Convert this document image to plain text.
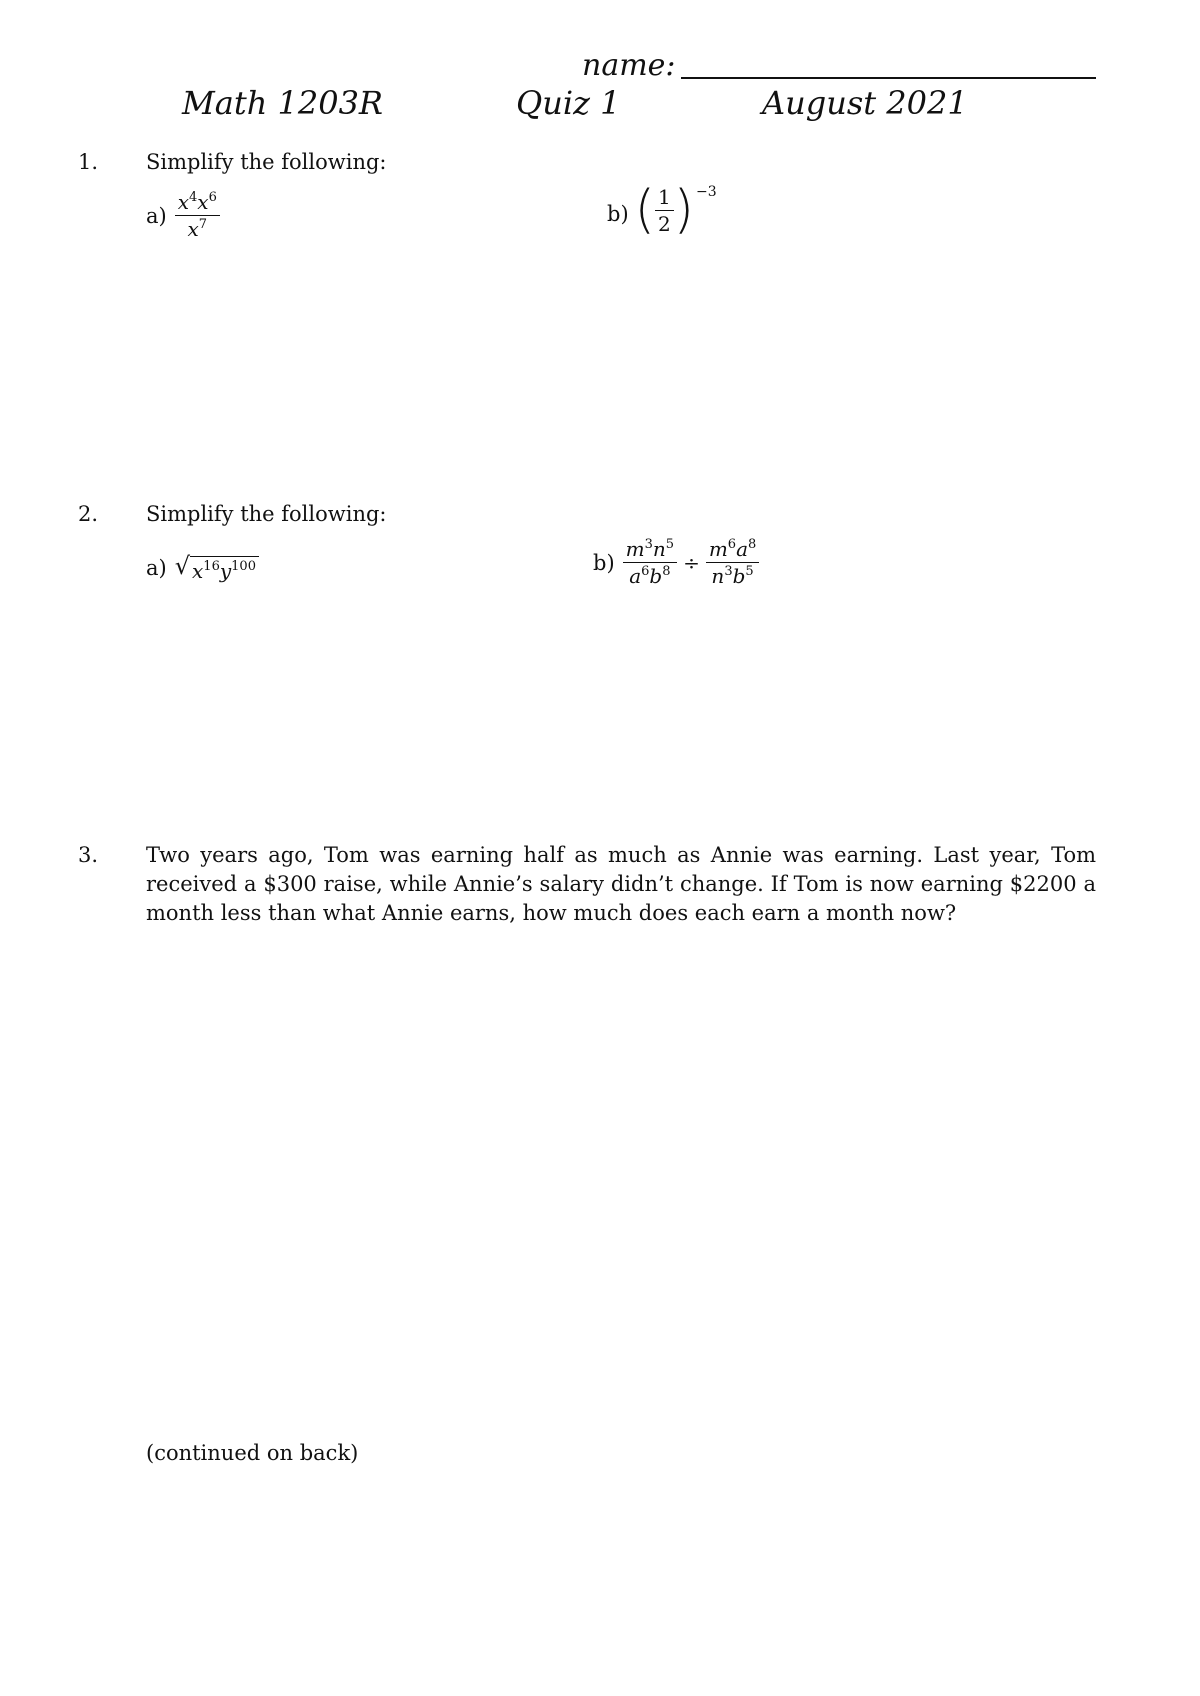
name:
Math 1203R	Quiz 1	August 2021
1. Simplify the following:
$a) \frac{x^4x^6}{x^7}$	b) ( $\frac{1}{2}$ ) −3
2. Simplify the following:
a) √ $x^{16}y^{100}$	$b) \frac{m^3n^5}{a^6b^8} \div \frac{m^6a^8}{n^3b^5}$
3. Two years ago, Tom was earning half as much as Annie was earning. Last year, Tom received a $300 raise, while Annie’s salary didn’t change. If Tom is now earning $2200 a month less than what Annie earns, how much does each earn a month now?
(continued on back)
